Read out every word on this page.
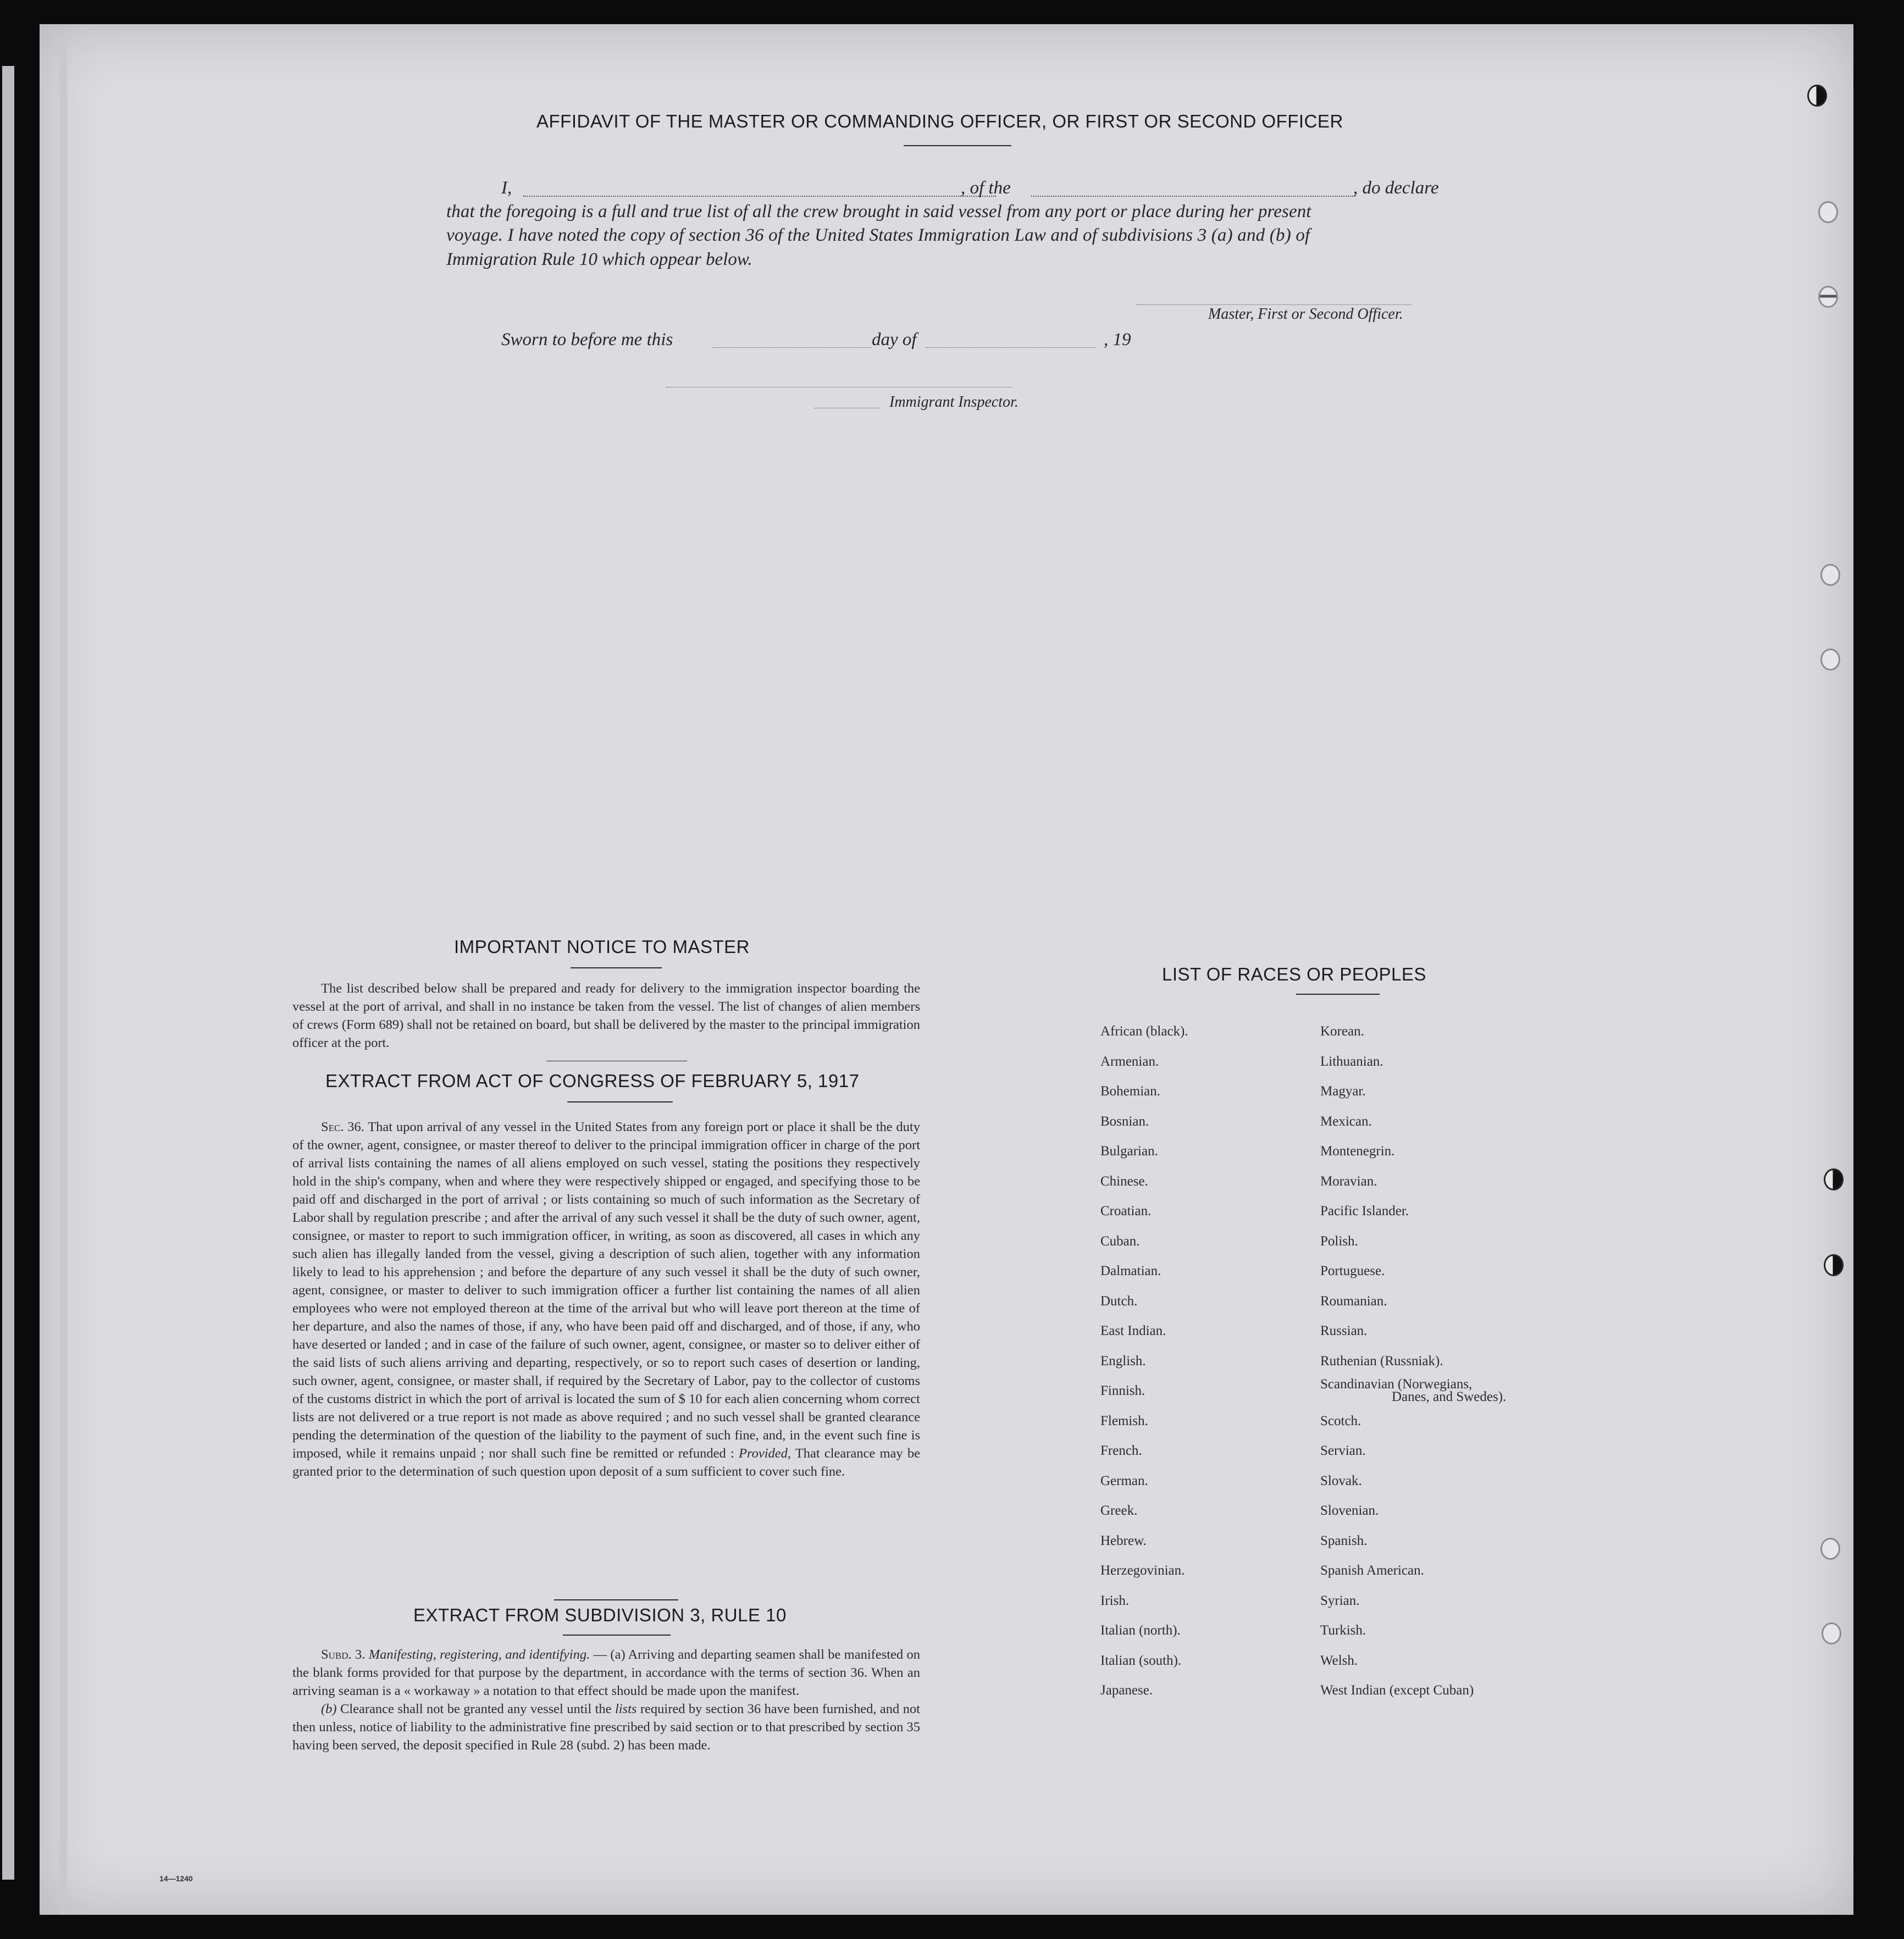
AFFIDAVIT OF THE MASTER OR COMMANDING OFFICER, OR FIRST OR SECOND OFFICER
I,	, of the	, do declare
that the foregoing is a full and true list of all the crew brought in said vessel from any port or place during her present
voyage. I have noted the copy of section 36 of the United States Immigration Law and of subdivisions 3 (a) and (b) of
Immigration Rule 10 which oppear below.
Master, First or Second Officer.
Sworn to before me this	day of	, 19
Immigrant Inspector.
IMPORTANT NOTICE TO MASTER

The list described below shall be prepared and ready for delivery to the immigration inspector boarding the vessel at the port of arrival, and shall in no instance be taken from the vessel. The list of changes of alien members of crews (Form 689) shall not be retained on board, but shall be delivered by the master to the principal immigration officer at the port.

EXTRACT FROM ACT OF CONGRESS OF FEBRUARY 5, 1917

Sec. 36. That upon arrival of any vessel in the United States from any foreign port or place it shall be the duty of the owner, agent, consignee, or master thereof to deliver to the principal immigration officer in charge of the port of arrival lists containing the names of all aliens employed on such vessel, stating the positions they respectively hold in the ship's company, when and where they were respectively shipped or engaged, and specifying those to be paid off and discharged in the port of arrival ; or lists containing so much of such information as the Secretary of Labor shall by regulation prescribe ; and after the arrival of any such vessel it shall be the duty of such owner, agent, consignee, or master to report to such immigration officer, in writing, as soon as discovered, all cases in which any such alien has illegally landed from the vessel, giving a description of such alien, together with any information likely to lead to his apprehension ; and before the departure of any such vessel it shall be the duty of such owner, agent, consignee, or master to deliver to such immigration officer a further list containing the names of all alien employees who were not employed thereon at the time of the arrival but who will leave port thereon at the time of her departure, and also the names of those, if any, who have been paid off and discharged, and of those, if any, who have deserted or landed ; and in case of the failure of such owner, agent, consignee, or master so to deliver either of the said lists of such aliens arriving and departing, respectively, or so to report such cases of desertion or landing, such owner, agent, consignee, or master shall, if required by the Secretary of Labor, pay to the collector of customs of the customs district in which the port of arrival is located the sum of $ 10 for each alien concerning whom correct lists are not delivered or a true report is not made as above required ; and no such vessel shall be granted clearance pending the determination of the question of the liability to the payment of such fine, and, in the event such fine is imposed, while it remains unpaid ; nor shall such fine be remitted or refunded : Provided, That clearance may be granted prior to the determination of such question upon deposit of a sum sufficient to cover such fine.

EXTRACT FROM SUBDIVISION 3, RULE 10

Subd. 3. Manifesting, registering, and identifying. — (a) Arriving and departing seamen shall be manifested on the blank forms provided for that purpose by the department, in accordance with the terms of section 36. When an arriving seaman is a « workaway » a notation to that effect should be made upon the manifest.

(b) Clearance shall not be granted any vessel until the lists required by section 36 have been furnished, and not then unless, notice of liability to the administrative fine prescribed by said section or to that prescribed by section 35 having been served, the deposit specified in Rule 28 (subd. 2) has been made.

LIST OF RACES OR PEOPLES
African (black).
Armenian.
Bohemian.
Bosnian.
Bulgarian.
Chinese.
Croatian.
Cuban.
Dalmatian.
Dutch.
East Indian.
English.
Finnish.
Flemish.
French.
German.
Greek.
Hebrew.
Herzegovinian.
Irish.
Italian (north).
Italian (south).
Japanese.
Korean.
Lithuanian.
Magyar.
Mexican.
Montenegrin.
Moravian.
Pacific Islander.
Polish.
Portuguese.
Roumanian.
Russian.
Ruthenian (Russniak).
Scandinavian (Norwegians,
Scotch.
Servian.
Slovak.
Slovenian.
Spanish.
Spanish American.
Syrian.
Turkish.
Welsh.
West Indian (except Cuban)
Danes, and Swedes).
14—1240
